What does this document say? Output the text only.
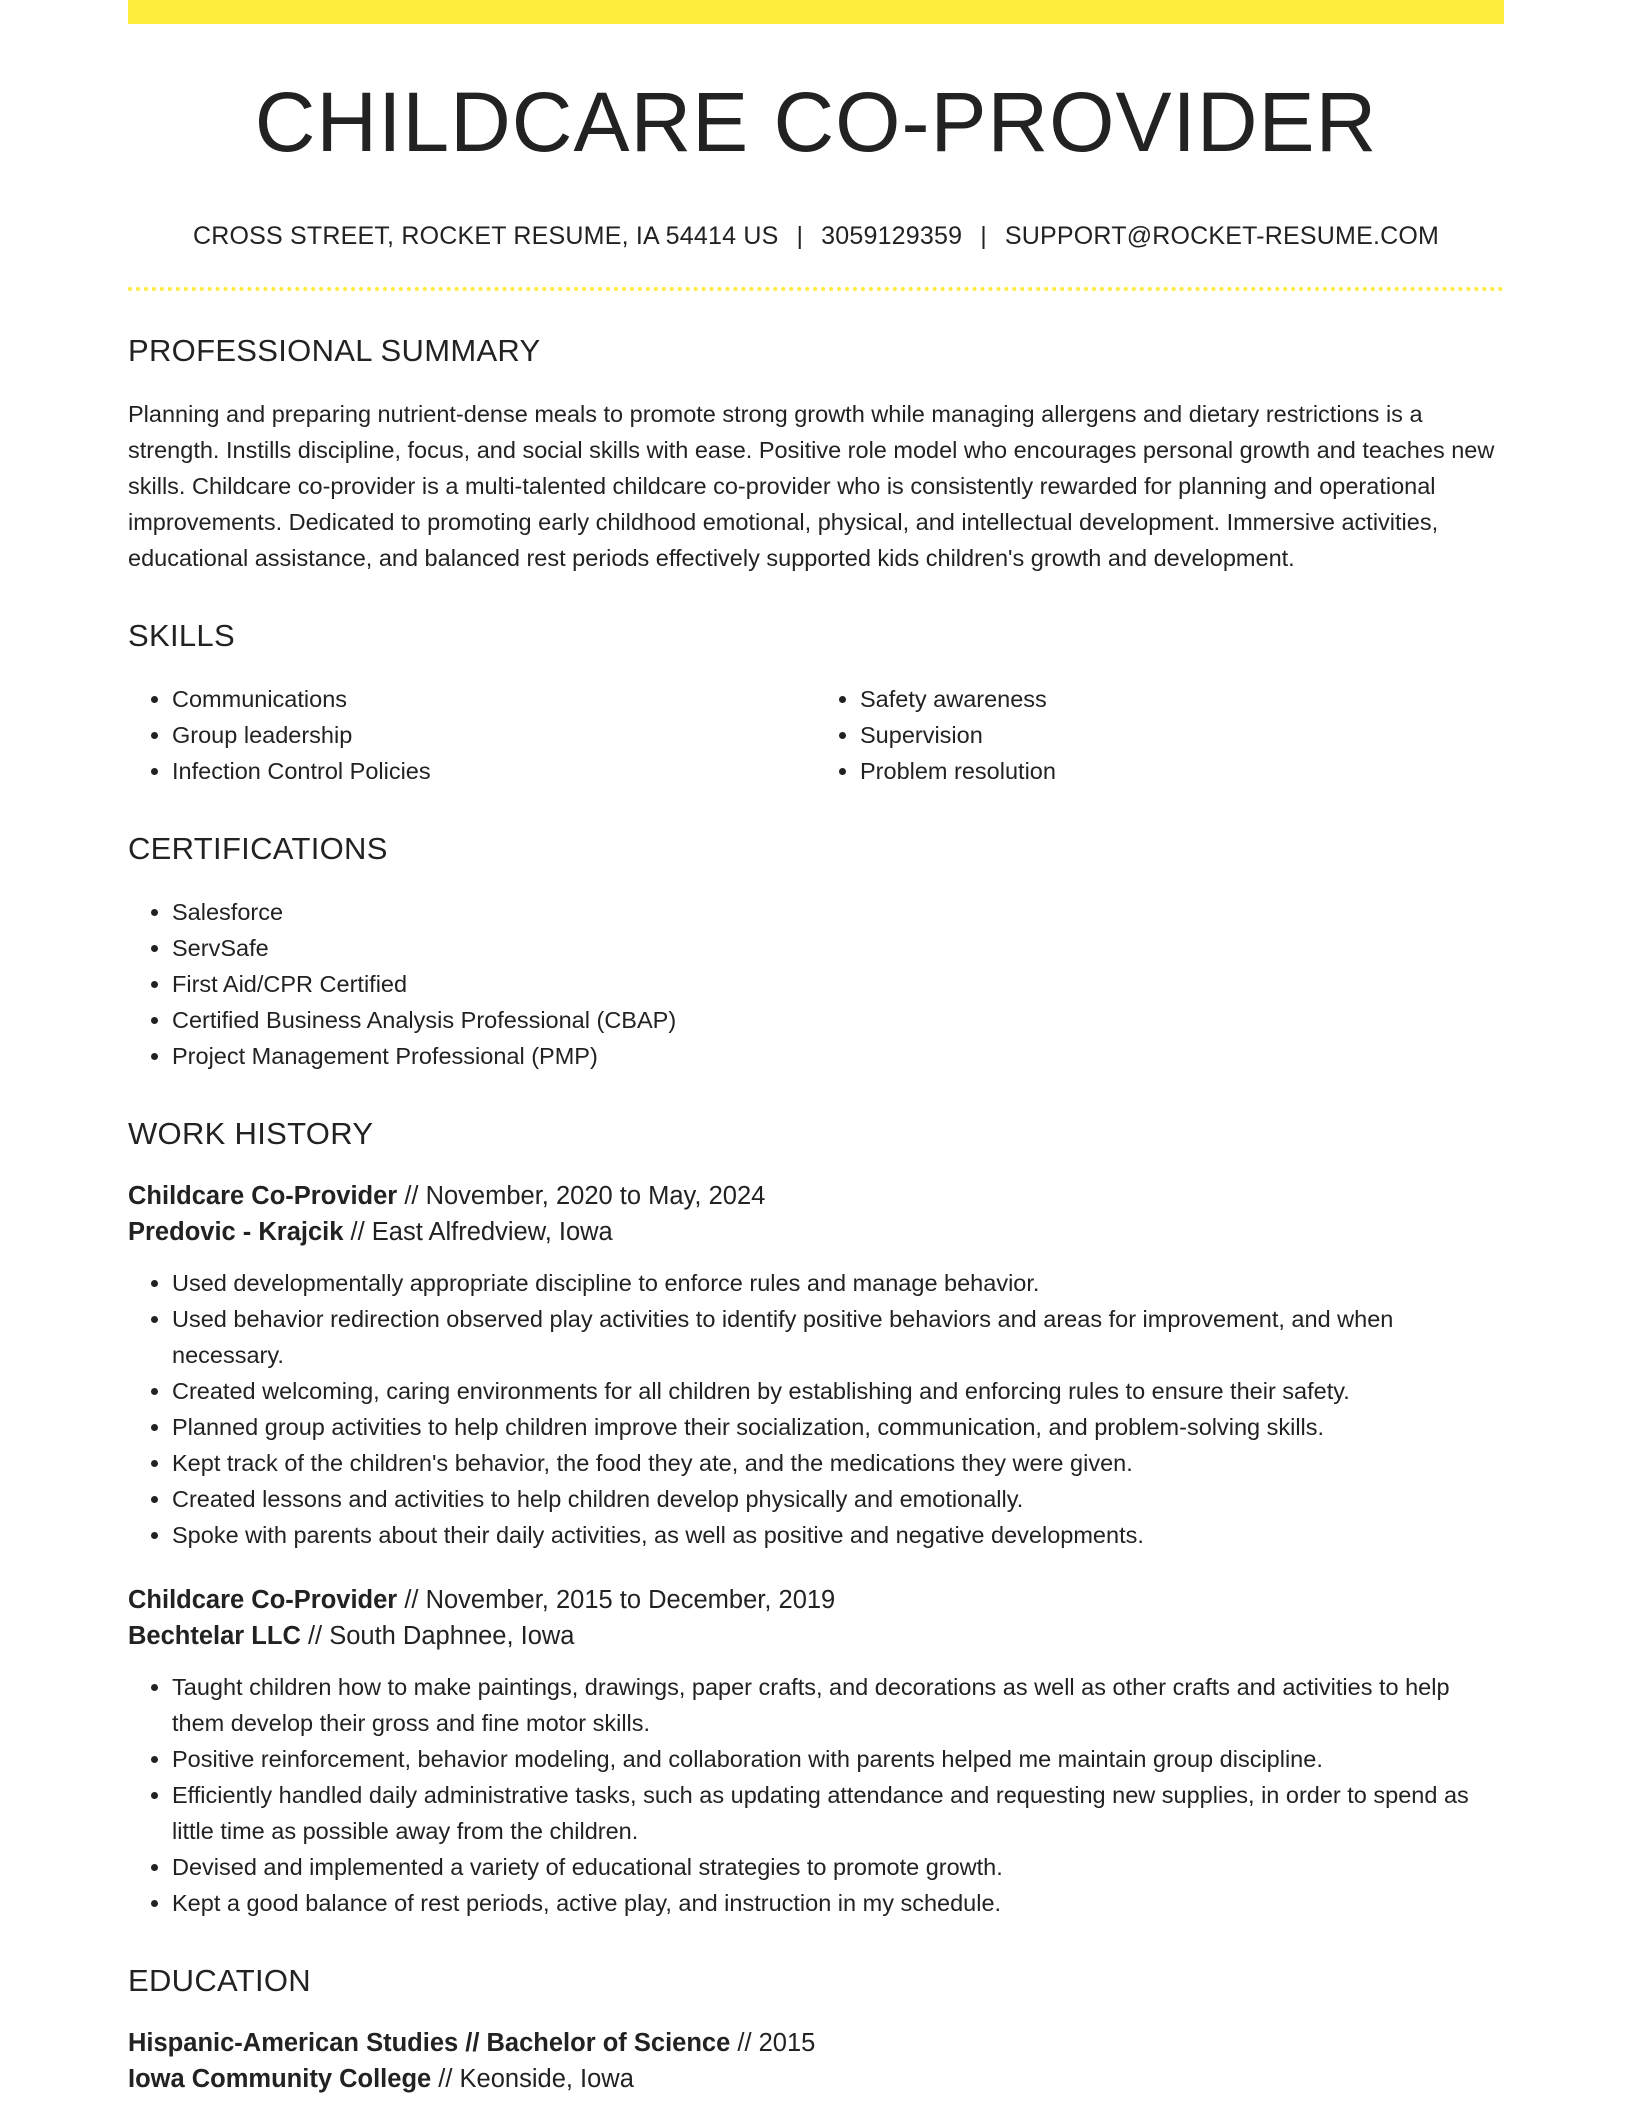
CHILDCARE CO-PROVIDER
CROSS STREET, ROCKET RESUME, IA 54414 US | 3059129359 | SUPPORT@ROCKET-RESUME.COM
PROFESSIONAL SUMMARY
Planning and preparing nutrient-dense meals to promote strong growth while managing allergens and dietary restrictions is a strength. Instills discipline, focus, and social skills with ease. Positive role model who encourages personal growth and teaches new skills. Childcare co-provider is a multi-talented childcare co-provider who is consistently rewarded for planning and operational improvements. Dedicated to promoting early childhood emotional, physical, and intellectual development. Immersive activities, educational assistance, and balanced rest periods effectively supported kids children's growth and development.
SKILLS
• Communications
• Group leadership
• Infection Control Policies
• Safety awareness
• Supervision
• Problem resolution
CERTIFICATIONS
• Salesforce
• ServSafe
• First Aid/CPR Certified
• Certified Business Analysis Professional (CBAP)
• Project Management Professional (PMP)
WORK HISTORY
Childcare Co-Provider // November, 2020 to May, 2024
Predovic - Krajcik // East Alfredview, Iowa
• Used developmentally appropriate discipline to enforce rules and manage behavior.
• Used behavior redirection observed play activities to identify positive behaviors and areas for improvement, and when necessary.
• Created welcoming, caring environments for all children by establishing and enforcing rules to ensure their safety.
• Planned group activities to help children improve their socialization, communication, and problem-solving skills.
• Kept track of the children's behavior, the food they ate, and the medications they were given.
• Created lessons and activities to help children develop physically and emotionally.
• Spoke with parents about their daily activities, as well as positive and negative developments.
Childcare Co-Provider // November, 2015 to December, 2019
Bechtelar LLC // South Daphnee, Iowa
• Taught children how to make paintings, drawings, paper crafts, and decorations as well as other crafts and activities to help them develop their gross and fine motor skills.
• Positive reinforcement, behavior modeling, and collaboration with parents helped me maintain group discipline.
• Efficiently handled daily administrative tasks, such as updating attendance and requesting new supplies, in order to spend as little time as possible away from the children.
• Devised and implemented a variety of educational strategies to promote growth.
• Kept a good balance of rest periods, active play, and instruction in my schedule.
EDUCATION
Hispanic-American Studies // Bachelor of Science // 2015
Iowa Community College // Keonside, Iowa
